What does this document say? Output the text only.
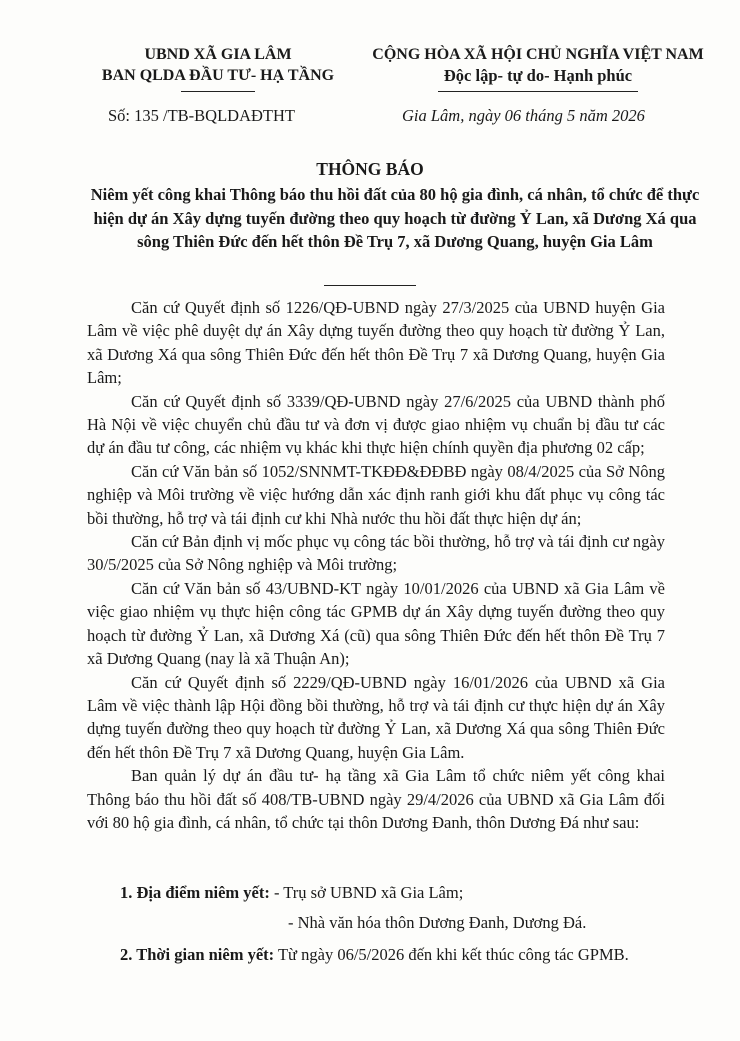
UBND XÃ GIA LÂM
BAN QLDA ĐẦU TƯ- HẠ TẦNG
CỘNG HÒA XÃ HỘI CHỦ NGHĨA VIỆT NAM
Độc lập- tự do- Hạnh phúc
Số: 135 /TB-BQLDAĐTHT	Gia Lâm, ngày 06 tháng 5 năm 2026
THÔNG BÁO
Niêm yết công khai Thông báo thu hồi đất của 80 hộ gia đình, cá nhân, tổ chức để thực hiện dự án Xây dựng tuyến đường theo quy hoạch từ đường Ỷ Lan, xã Dương Xá qua sông Thiên Đức đến hết thôn Đề Trụ 7, xã Dương Quang, huyện Gia Lâm

Căn cứ Quyết định số 1226/QĐ-UBND ngày 27/3/2025 của UBND huyện Gia Lâm về việc phê duyệt dự án Xây dựng tuyến đường theo quy hoạch từ đường Ỷ Lan, xã Dương Xá qua sông Thiên Đức đến hết thôn Đề Trụ 7 xã Dương Quang, huyện Gia Lâm;

Căn cứ Quyết định số 3339/QĐ-UBND ngày 27/6/2025 của UBND thành phố Hà Nội về việc chuyển chủ đầu tư và đơn vị được giao nhiệm vụ chuẩn bị đầu tư các dự án đầu tư công, các nhiệm vụ khác khi thực hiện chính quyền địa phương 02 cấp;

Căn cứ Văn bản số 1052/SNNMT-TKĐĐ&ĐĐBĐ ngày 08/4/2025 của Sở Nông nghiệp và Môi trường về việc hướng dẫn xác định ranh giới khu đất phục vụ công tác bồi thường, hỗ trợ và tái định cư khi Nhà nước thu hồi đất thực hiện dự án;

Căn cứ Bản định vị mốc phục vụ công tác bồi thường, hỗ trợ và tái định cư ngày 30/5/2025 của Sở Nông nghiệp và Môi trường;

Căn cứ Văn bản số 43/UBND-KT ngày 10/01/2026 của UBND xã Gia Lâm về việc giao nhiệm vụ thực hiện công tác GPMB dự án Xây dựng tuyến đường theo quy hoạch từ đường Ỷ Lan, xã Dương Xá (cũ) qua sông Thiên Đức đến hết thôn Đề Trụ 7 xã Dương Quang (nay là xã Thuận An);

Căn cứ Quyết định số 2229/QĐ-UBND ngày 16/01/2026 của UBND xã Gia Lâm về việc thành lập Hội đồng bồi thường, hỗ trợ và tái định cư thực hiện dự án Xây dựng tuyến đường theo quy hoạch từ đường Ỷ Lan, xã Dương Xá qua sông Thiên Đức đến hết thôn Đề Trụ 7 xã Dương Quang, huyện Gia Lâm.

Ban quản lý dự án đầu tư- hạ tầng xã Gia Lâm tổ chức niêm yết công khai Thông báo thu hồi đất số 408/TB-UBND ngày 29/4/2026 của UBND xã Gia Lâm đối với 80 hộ gia đình, cá nhân, tổ chức tại thôn Dương Đanh, thôn Dương Đá như sau:

1. Địa điểm niêm yết: - Trụ sở UBND xã Gia Lâm;
- Nhà văn hóa thôn Dương Đanh, Dương Đá.
2. Thời gian niêm yết: Từ ngày 06/5/2026 đến khi kết thúc công tác GPMB.
